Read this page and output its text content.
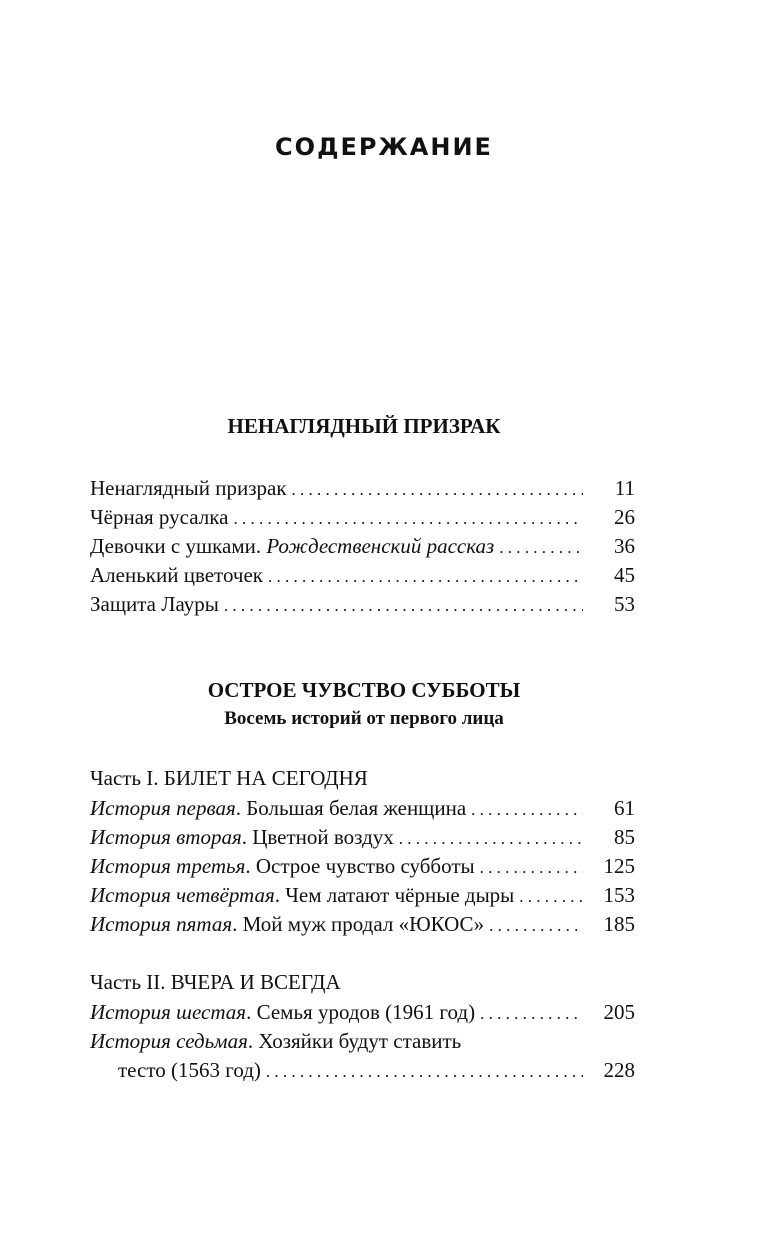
СОДЕРЖАНИЕ
НЕНАГЛЯДНЫЙ ПРИЗРАК
Ненаглядный призрак . . .	11
Чёрная русалка . . .	26
Девочки с ушками. Рождественский рассказ . . .	36
Аленький цветочек . . .	45
Защита Лауры . . .	53
ОСТРОЕ ЧУВСТВО СУББОТЫ
Восемь историй от первого лица
Часть I. БИЛЕТ НА СЕГОДНЯ
История первая. Большая белая женщина . . .	61
История вторая. Цветной воздух . . .	85
История третья. Острое чувство субботы . . .	125
История четвёртая. Чем латают чёрные дыры . . .	153
История пятая. Мой муж продал «ЮКОС» . . .	185
Часть II. ВЧЕРА И ВСЕГДА
История шестая. Семья уродов (1961 год) . . .	205
История седьмая. Хозяйки будут ставить
тесто (1563 год) . . .	228
